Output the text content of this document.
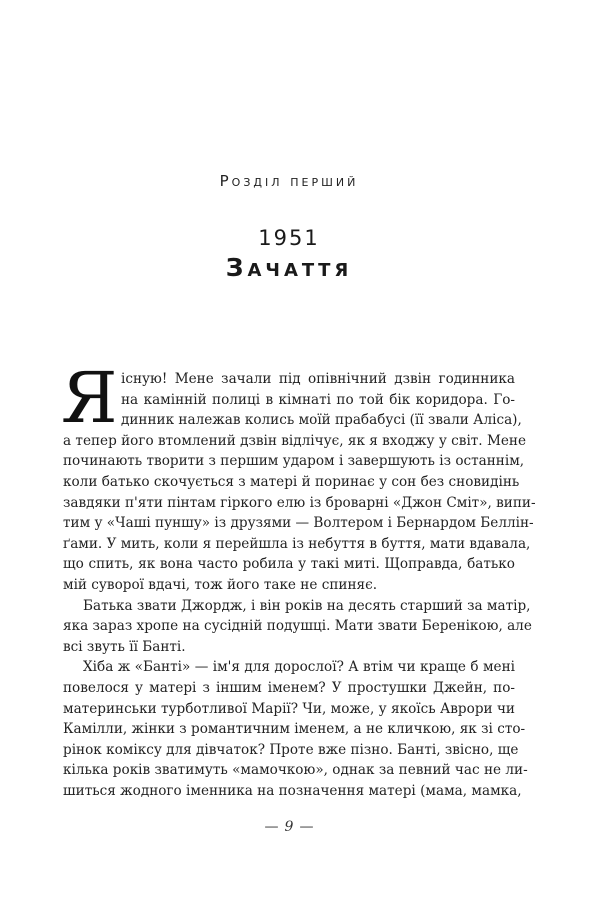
Розділ перший
1951
Зачаття
Я існую! Мене зачали під опівнічний дзвін годинника
на камінній полиці в кімнаті по той бік коридора. Го-
динник належав колись моїй прабабусі (її звали Аліса),
а тепер його втомлений дзвін відлічує, як я входжу у світ. Мене
починають творити з першим ударом і завершують із останнім,
коли батько скочується з матері й поринає у сон без сновидінь
завдяки п'яти пінтам гіркого елю із броварні «Джон Сміт», випи-
тим у «Чаші пуншу» із друзями — Волтером і Бернардом Беллін-
ґами. У мить, коли я перейшла із небуття в буття, мати вдавала,
що спить, як вона часто робила у такі миті. Щоправда, батько
мій суворої вдачі, тож його таке не спиняє.
Батька звати Джордж, і він років на десять старший за матір,
яка зараз хропе на сусідній подушці. Мати звати Беренікою, але
всі звуть її Банті.
Хіба ж «Банті» — ім'я для дорослої? А втім чи краще б мені
повелося у матері з іншим іменем? У простушки Джейн, по-
материнськи турботливої Марії? Чи, може, у якоїсь Аврори чи
Камілли, жінки з романтичним іменем, а не кличкою, як зі сто-
рінок коміксу для дівчаток? Проте вже пізно. Банті, звісно, ще
кілька років зватимуть «мамочкою», однак за певний час не ли-
шиться жодного іменника на позначення матері (мама, мамка,
— 9 —
